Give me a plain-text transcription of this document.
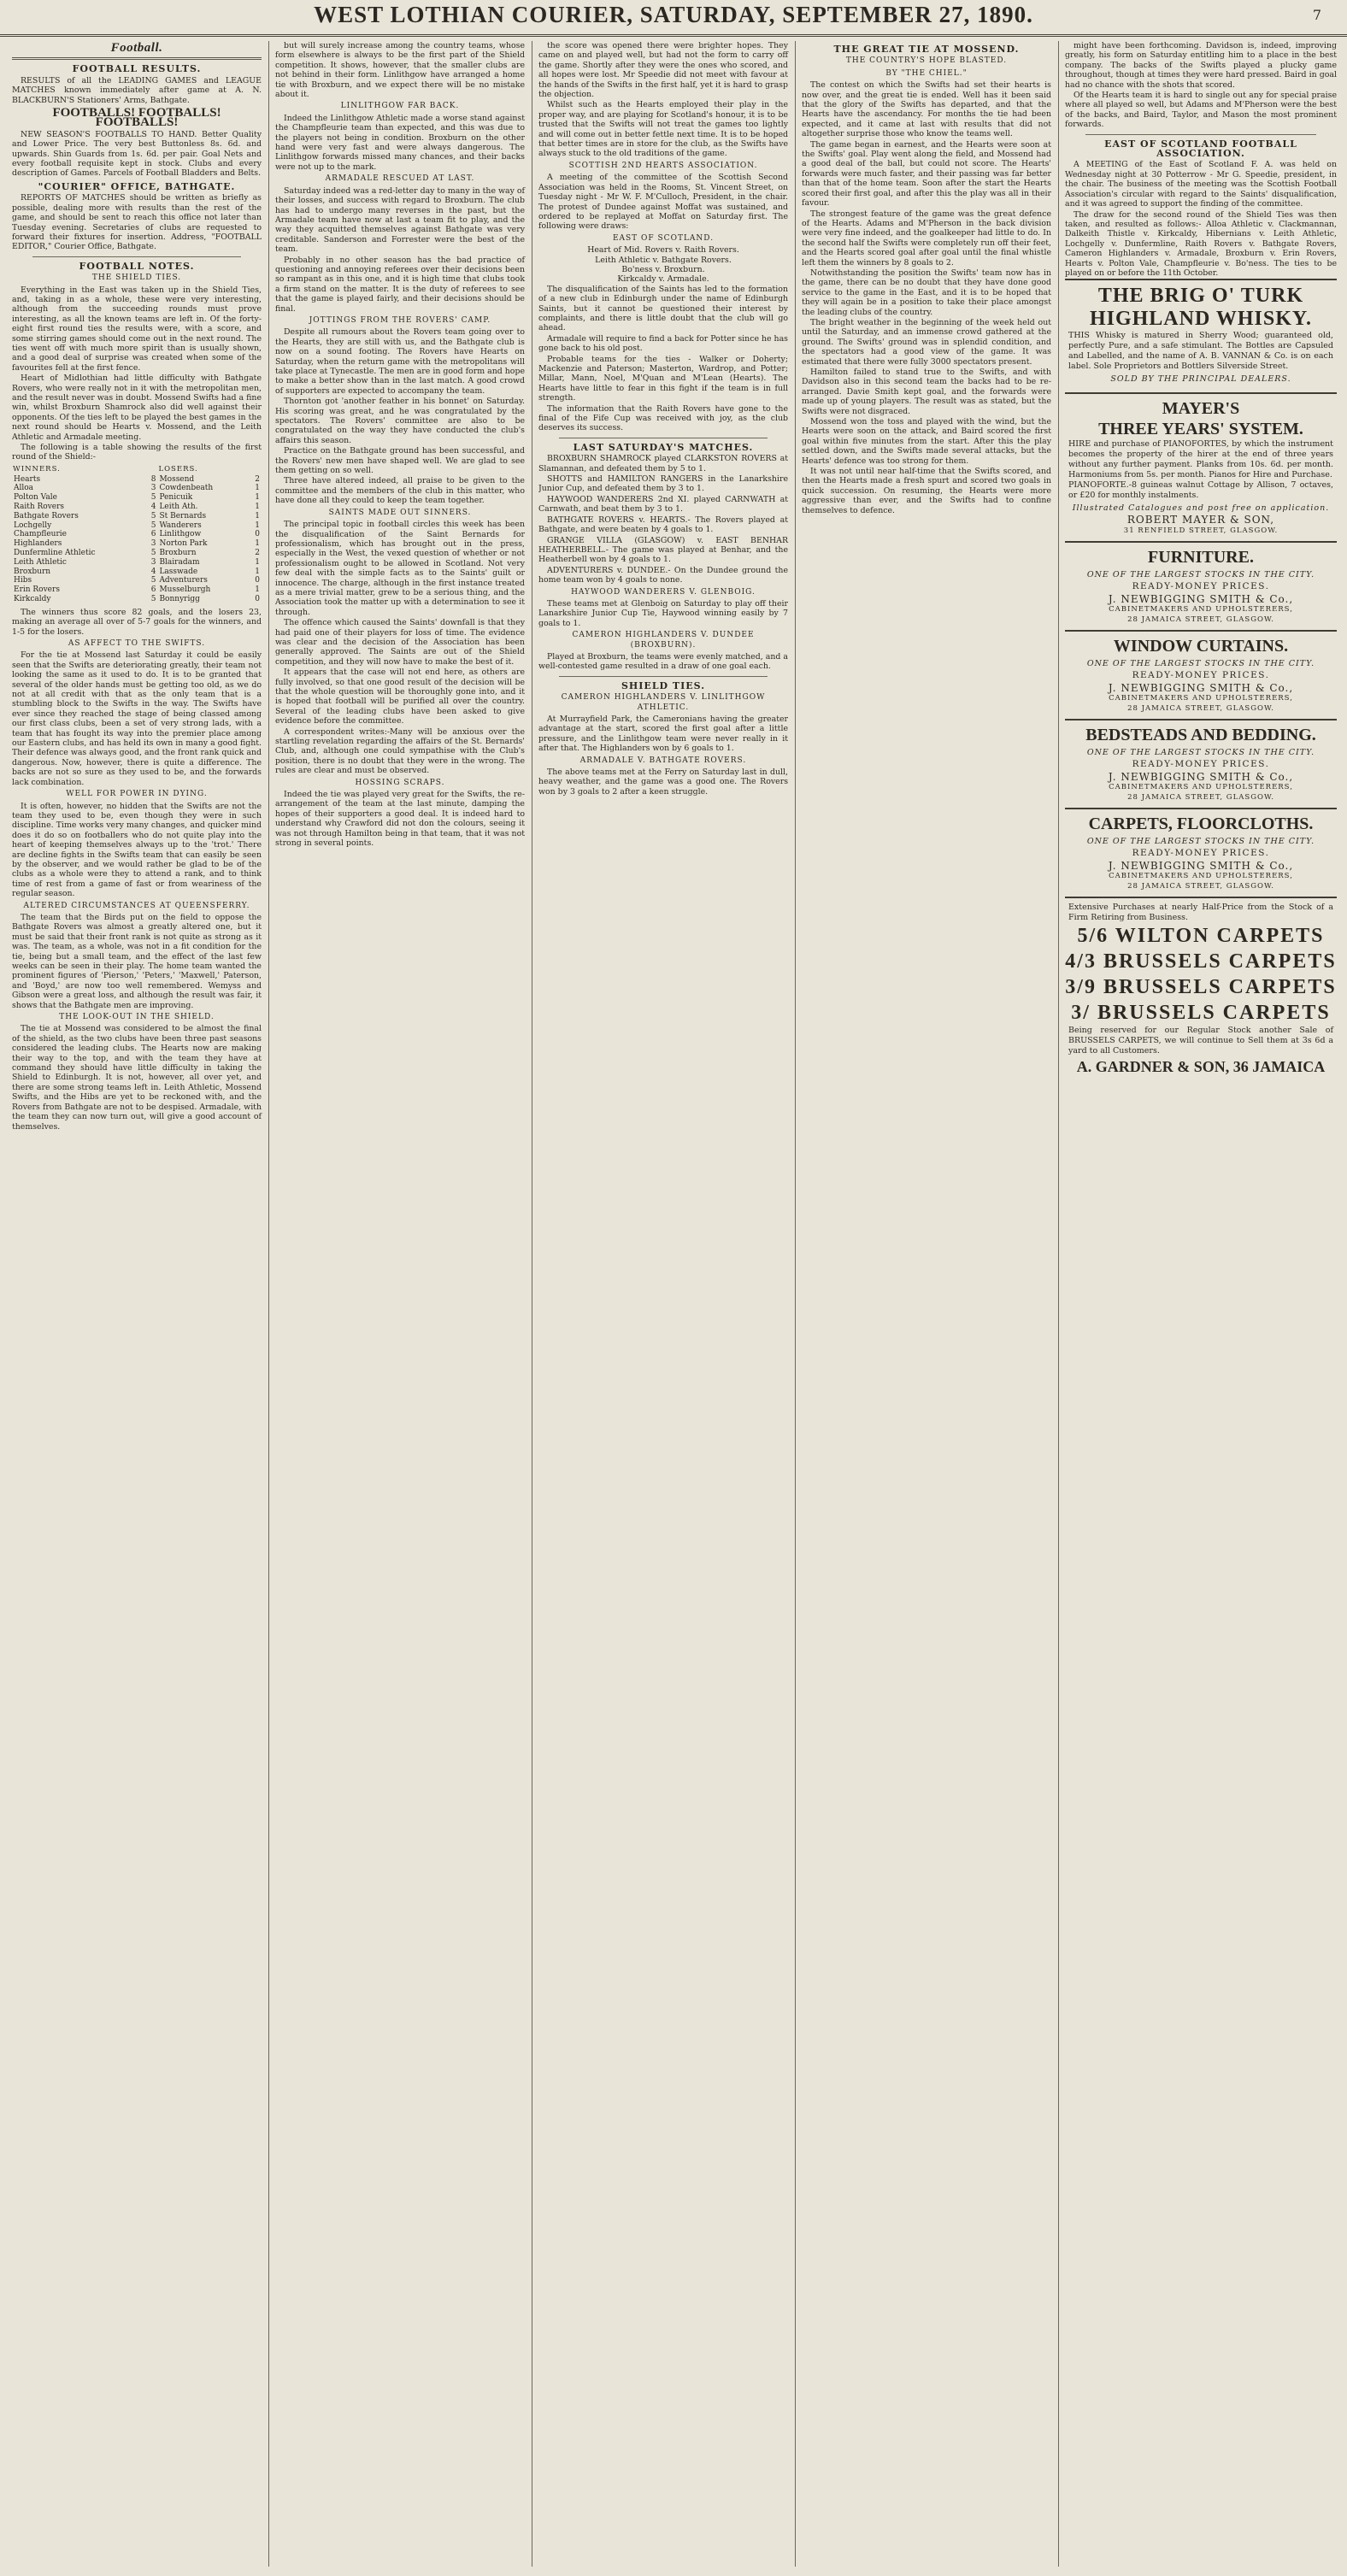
WEST LOTHIAN COURIER, SATURDAY, SEPTEMBER 27, 1890.	7
Football.
FOOTBALL RESULTS.

RESULTS of all the LEADING GAMES and LEAGUE MATCHES known immediately after game at A. N. BLACKBURN'S Stationers' Arms, Bathgate.

FOOTBALLS! FOOTBALLS! FOOTBALLS!

NEW SEASON'S FOOTBALLS TO HAND. Better Quality and Lower Price. The very best Buttonless 8s. 6d. and upwards. Shin Guards from 1s. 6d. per pair. Goal Nets and every football requisite kept in stock. Clubs and every description of Games. Parcels of Football Bladders and Belts.

"COURIER" OFFICE, BATHGATE.

REPORTS OF MATCHES should be written as briefly as possible, dealing more with results than the rest of the game, and should be sent to reach this office not later than Tuesday evening. Secretaries of clubs are requested to forward their fixtures for insertion. Address, "FOOTBALL EDITOR," Courier Office, Bathgate.

FOOTBALL NOTES.
THE SHIELD TIES.

Everything in the East was taken up in the Shield Ties, and, taking in as a whole, these were very interesting, although from the succeeding rounds must prove interesting, as all the known teams are left in. Of the forty-eight first round ties the results were, with a score, and some stirring games should come out in the next round. The ties went off with much more spirit than is usually shown, and a good deal of surprise was created when some of the favourites fell at the first fence.

Heart of Midlothian had little difficulty with Bathgate Rovers, who were really not in it with the metropolitan men, and the result never was in doubt. Mossend Swifts had a fine win, whilst Broxburn Shamrock also did well against their opponents. Of the ties left to be played the best games in the next round should be Hearts v. Mossend, and the Leith Athletic and Armadale meeting.

The following is a table showing the results of the first round of the Shield:-

WINNERS.		LOSERS.	
Hearts	8	Mossend	2
Alloa	3	Cowdenbeath	1
Polton Vale	5	Penicuik	1
Raith Rovers	4	Leith Ath.	1
Bathgate Rovers	5	St Bernards	1
Lochgelly	5	Wanderers	1
Champfleurie	6	Linlithgow	0
Highlanders	3	Norton Park	1
Dunfermline Athletic	5	Broxburn	2
Leith Athletic	3	Blairadam	1
Broxburn	4	Lasswade	1
Hibs	5	Adventurers	0
Erin Rovers	6	Musselburgh	1
Kirkcaldy	5	Bonnyrigg	0

The winners thus score 82 goals, and the losers 23, making an average all over of 5-7 goals for the winners, and 1-5 for the losers.

AS AFFECT TO THE SWIFTS.

For the tie at Mossend last Saturday it could be easily seen that the Swifts are deteriorating greatly, their team not looking the same as it used to do. It is to be granted that several of the older hands must be getting too old, as we do not at all credit with that as the only team that is a stumbling block to the Swifts in the way. The Swifts have ever since they reached the stage of being classed among our first class clubs, been a set of very strong lads, with a team that has fought its way into the premier place among our Eastern clubs, and has held its own in many a good fight. Their defence was always good, and the front rank quick and dangerous. Now, however, there is quite a difference. The backs are not so sure as they used to be, and the forwards lack combination.

WELL FOR POWER IN DYING.

It is often, however, no hidden that the Swifts are not the team they used to be, even though they were in such discipline. Time works very many changes, and quicker mind does it do so on footballers who do not quite play into the heart of keeping themselves always up to the 'trot.' There are decline fights in the Swifts team that can easily be seen by the observer, and we would rather be glad to be of the clubs as a whole were they to attend a rank, and to think time of rest from a game of fast or from weariness of the regular season.

ALTERED CIRCUMSTANCES AT QUEENSFERRY.

The team that the Birds put on the field to oppose the Bathgate Rovers was almost a greatly altered one, but it must be said that their front rank is not quite as strong as it was. The team, as a whole, was not in a fit condition for the tie, being but a small team, and the effect of the last few weeks can be seen in their play. The home team wanted the prominent figures of 'Pierson,' 'Peters,' 'Maxwell,' Paterson, and 'Boyd,' are now too well remembered. Wemyss and Gibson were a great loss, and although the result was fair, it shows that the Bathgate men are improving.

THE LOOK-OUT IN THE SHIELD.

The tie at Mossend was considered to be almost the final of the shield, as the two clubs have been three past seasons considered the leading clubs. The Hearts now are making their way to the top, and with the team they have at command they should have little difficulty in taking the Shield to Edinburgh. It is not, however, all over yet, and there are some strong teams left in. Leith Athletic, Mossend Swifts, and the Hibs are yet to be reckoned with, and the Rovers from Bathgate are not to be despised. Armadale, with the team they can now turn out, will give a good account of themselves.

but will surely increase among the country teams, whose form elsewhere is always to be the first part of the Shield competition. It shows, however, that the smaller clubs are not behind in their form. Linlithgow have arranged a home tie with Broxburn, and we expect there will be no mistake about it.

LINLITHGOW FAR BACK.

Indeed the Linlithgow Athletic made a worse stand against the Champfleurie team than expected, and this was due to the players not being in condition. Broxburn on the other hand were very fast and were always dangerous. The Linlithgow forwards missed many chances, and their backs were not up to the mark.

ARMADALE RESCUED AT LAST.

Saturday indeed was a red-letter day to many in the way of their losses, and success with regard to Broxburn. The club has had to undergo many reverses in the past, but the Armadale team have now at last a team fit to play, and the way they acquitted themselves against Bathgate was very creditable. Sanderson and Forrester were the best of the team.

Probably in no other season has the bad practice of questioning and annoying referees over their decisions been so rampant as in this one, and it is high time that clubs took a firm stand on the matter. It is the duty of referees to see that the game is played fairly, and their decisions should be final.

JOTTINGS FROM THE ROVERS' CAMP.

Despite all rumours about the Rovers team going over to the Hearts, they are still with us, and the Bathgate club is now on a sound footing. The Rovers have Hearts on Saturday, when the return game with the metropolitans will take place at Tynecastle. The men are in good form and hope to make a better show than in the last match. A good crowd of supporters are expected to accompany the team.

Thornton got 'another feather in his bonnet' on Saturday. His scoring was great, and he was congratulated by the spectators. The Rovers' committee are also to be congratulated on the way they have conducted the club's affairs this season.

Practice on the Bathgate ground has been successful, and the Rovers' new men have shaped well. We are glad to see them getting on so well.

Three have altered indeed, all praise to be given to the committee and the members of the club in this matter, who have done all they could to keep the team together.

SAINTS MADE OUT SINNERS.

The principal topic in football circles this week has been the disqualification of the Saint Bernards for professionalism, which has brought out in the press, especially in the West, the vexed question of whether or not professionalism ought to be allowed in Scotland. Not very few deal with the simple facts as to the Saints' guilt or innocence. The charge, although in the first instance treated as a mere trivial matter, grew to be a serious thing, and the Association took the matter up with a determination to see it through.

The offence which caused the Saints' downfall is that they had paid one of their players for loss of time. The evidence was clear and the decision of the Association has been generally approved. The Saints are out of the Shield competition, and they will now have to make the best of it.

It appears that the case will not end here, as others are fully involved, so that one good result of the decision will be that the whole question will be thoroughly gone into, and it is hoped that football will be purified all over the country. Several of the leading clubs have been asked to give evidence before the committee.

A correspondent writes:-Many will be anxious over the startling revelation regarding the affairs of the St. Bernards' Club, and, although one could sympathise with the Club's position, there is no doubt that they were in the wrong. The rules are clear and must be observed.

HOSSING SCRAPS.

Indeed the tie was played very great for the Swifts, the re-arrangement of the team at the last minute, damping the hopes of their supporters a good deal. It is indeed hard to understand why Crawford did not don the colours, seeing it was not through Hamilton being in that team, that it was not strong in several points.

the score was opened there were brighter hopes. They came on and played well, but had not the form to carry off the game. Shortly after they were the ones who scored, and all hopes were lost. Mr Speedie did not meet with favour at the hands of the Swifts in the first half, yet it is hard to grasp the objection.

Whilst such as the Hearts employed their play in the proper way, and are playing for Scotland's honour, it is to be trusted that the Swifts will not treat the games too lightly and will come out in better fettle next time. It is to be hoped that better times are in store for the club, as the Swifts have always stuck to the old traditions of the game.

SCOTTISH 2ND HEARTS ASSOCIATION.

A meeting of the committee of the Scottish Second Association was held in the Rooms, St. Vincent Street, on Tuesday night - Mr W. F. M'Culloch, President, in the chair. The protest of Dundee against Moffat was sustained, and ordered to be replayed at Moffat on Saturday first. The following were draws:

EAST OF SCOTLAND.
Heart of Mid. Rovers v. Raith Rovers.
Leith Athletic v. Bathgate Rovers.
Bo'ness v. Broxburn.
Kirkcaldy v. Armadale.

The disqualification of the Saints has led to the formation of a new club in Edinburgh under the name of Edinburgh Saints, but it cannot be questioned their interest by complaints, and there is little doubt that the club will go ahead.

Armadale will require to find a back for Potter since he has gone back to his old post.

Probable teams for the ties - Walker or Doherty; Mackenzie and Paterson; Masterton, Wardrop, and Potter; Millar, Mann, Noel, M'Quan and M'Lean (Hearts). The Hearts have little to fear in this fight if the team is in full strength.

The information that the Raith Rovers have gone to the final of the Fife Cup was received with joy, as the club deserves its success.

LAST SATURDAY'S MATCHES.

BROXBURN SHAMROCK played CLARKSTON ROVERS at Slamannan, and defeated them by 5 to 1.

SHOTTS and HAMILTON RANGERS in the Lanarkshire Junior Cup, and defeated them by 3 to 1.

HAYWOOD WANDERERS 2nd XI. played CARNWATH at Carnwath, and beat them by 3 to 1.

BATHGATE ROVERS v. HEARTS.- The Rovers played at Bathgate, and were beaten by 4 goals to 1.

GRANGE VILLA (GLASGOW) v. EAST BENHAR HEATHERBELL.- The game was played at Benhar, and the Heatherbell won by 4 goals to 1.

ADVENTURERS v. DUNDEE.- On the Dundee ground the home team won by 4 goals to none.

HAYWOOD WANDERERS V. GLENBOIG.

These teams met at Glenboig on Saturday to play off their Lanarkshire Junior Cup Tie, Haywood winning easily by 7 goals to 1.

CAMERON HIGHLANDERS V. DUNDEE (BROXBURN).

Played at Broxburn, the teams were evenly matched, and a well-contested game resulted in a draw of one goal each.

SHIELD TIES.
CAMERON HIGHLANDERS V. LINLITHGOW ATHLETIC.

At Murrayfield Park, the Cameronians having the greater advantage at the start, scored the first goal after a little pressure, and the Linlithgow team were never really in it after that. The Highlanders won by 6 goals to 1.

ARMADALE V. BATHGATE ROVERS.

The above teams met at the Ferry on Saturday last in dull, heavy weather, and the game was a good one. The Rovers won by 3 goals to 2 after a keen struggle.

THE GREAT TIE AT MOSSEND.
THE COUNTRY'S HOPE BLASTED.
BY "THE CHIEL."

The contest on which the Swifts had set their hearts is now over, and the great tie is ended. Well has it been said that the glory of the Swifts has departed, and that the Hearts have the ascendancy. For months the tie had been expected, and it came at last with results that did not altogether surprise those who know the teams well.

The game began in earnest, and the Hearts were soon at the Swifts' goal. Play went along the field, and Mossend had a good deal of the ball, but could not score. The Hearts' forwards were much faster, and their passing was far better than that of the home team. Soon after the start the Hearts scored their first goal, and after this the play was all in their favour.

The strongest feature of the game was the great defence of the Hearts. Adams and M'Pherson in the back division were very fine indeed, and the goalkeeper had little to do. In the second half the Swifts were completely run off their feet, and the Hearts scored goal after goal until the final whistle left them the winners by 8 goals to 2.

Notwithstanding the position the Swifts' team now has in the game, there can be no doubt that they have done good service to the game in the East, and it is to be hoped that they will again be in a position to take their place amongst the leading clubs of the country.

The bright weather in the beginning of the week held out until the Saturday, and an immense crowd gathered at the ground. The Swifts' ground was in splendid condition, and the spectators had a good view of the game. It was estimated that there were fully 3000 spectators present.

Hamilton failed to stand true to the Swifts, and with Davidson also in this second team the backs had to be re-arranged. Davie Smith kept goal, and the forwards were made up of young players. The result was as stated, but the Swifts were not disgraced.

Mossend won the toss and played with the wind, but the Hearts were soon on the attack, and Baird scored the first goal within five minutes from the start. After this the play settled down, and the Swifts made several attacks, but the Hearts' defence was too strong for them.

It was not until near half-time that the Swifts scored, and then the Hearts made a fresh spurt and scored two goals in quick succession. On resuming, the Hearts were more aggressive than ever, and the Swifts had to confine themselves to defence.

might have been forthcoming. Davidson is, indeed, improving greatly, his form on Saturday entitling him to a place in the best company. The backs of the Swifts played a plucky game throughout, though at times they were hard pressed. Baird in goal had no chance with the shots that scored.

Of the Hearts team it is hard to single out any for special praise where all played so well, but Adams and M'Pherson were the best of the backs, and Baird, Taylor, and Mason the most prominent forwards.

EAST OF SCOTLAND FOOTBALL ASSOCIATION.

A MEETING of the East of Scotland F. A. was held on Wednesday night at 30 Potterrow - Mr G. Speedie, president, in the chair. The business of the meeting was the Scottish Football Association's circular with regard to the Saints' disqualification, and it was agreed to support the finding of the committee.

The draw for the second round of the Shield Ties was then taken, and resulted as follows:- Alloa Athletic v. Clackmannan, Dalkeith Thistle v. Kirkcaldy, Hibernians v. Leith Athletic, Lochgelly v. Dunfermline, Raith Rovers v. Bathgate Rovers, Cameron Highlanders v. Armadale, Broxburn v. Erin Rovers, Hearts v. Polton Vale, Champfleurie v. Bo'ness. The ties to be played on or before the 11th October.

THE BRIG O' TURK HIGHLAND WHISKY.
THIS Whisky is matured in Sherry Wood; guaranteed old, perfectly Pure, and a safe stimulant. The Bottles are Capsuled and Labelled, and the name of A. B. VANNAN & Co. is on each label. Sole Proprietors and Bottlers Silverside Street.
SOLD BY THE PRINCIPAL DEALERS.
MAYER'S
THREE YEARS' SYSTEM.
HIRE and purchase of PIANOFORTES, by which the instrument becomes the property of the hirer at the end of three years without any further payment. Planks from 10s. 6d. per month. Harmoniums from 5s. per month. Pianos for Hire and Purchase.
PIANOFORTE.-8 guineas walnut Cottage by Allison, 7 octaves, or £20 for monthly instalments.
Illustrated Catalogues and post free on application.
ROBERT MAYER & SON,
31 RENFIELD STREET, GLASGOW.
FURNITURE.
ONE OF THE LARGEST STOCKS IN THE CITY.
READY-MONEY PRICES.
J. NEWBIGGING SMITH & Co.,
CABINETMAKERS AND UPHOLSTERERS,
28 JAMAICA STREET, GLASGOW.
WINDOW CURTAINS.
ONE OF THE LARGEST STOCKS IN THE CITY.
READY-MONEY PRICES.
J. NEWBIGGING SMITH & Co.,
CABINETMAKERS AND UPHOLSTERERS,
28 JAMAICA STREET, GLASGOW.
BEDSTEADS AND BEDDING.
ONE OF THE LARGEST STOCKS IN THE CITY.
READY-MONEY PRICES.
J. NEWBIGGING SMITH & Co.,
CABINETMAKERS AND UPHOLSTERERS,
28 JAMAICA STREET, GLASGOW.
CARPETS, FLOORCLOTHS.
ONE OF THE LARGEST STOCKS IN THE CITY.
READY-MONEY PRICES.
J. NEWBIGGING SMITH & Co.,
CABINETMAKERS AND UPHOLSTERERS,
28 JAMAICA STREET, GLASGOW.
Extensive Purchases at nearly Half-Price from the Stock of a Firm Retiring from Business.
5/6 WILTON CARPETS
4/3 BRUSSELS CARPETS
3/9 BRUSSELS CARPETS
3/ BRUSSELS CARPETS
Being reserved for our Regular Stock another Sale of BRUSSELS CARPETS, we will continue to Sell them at 3s 6d a yard to all Customers.
A. GARDNER & SON, 36 JAMAICA
